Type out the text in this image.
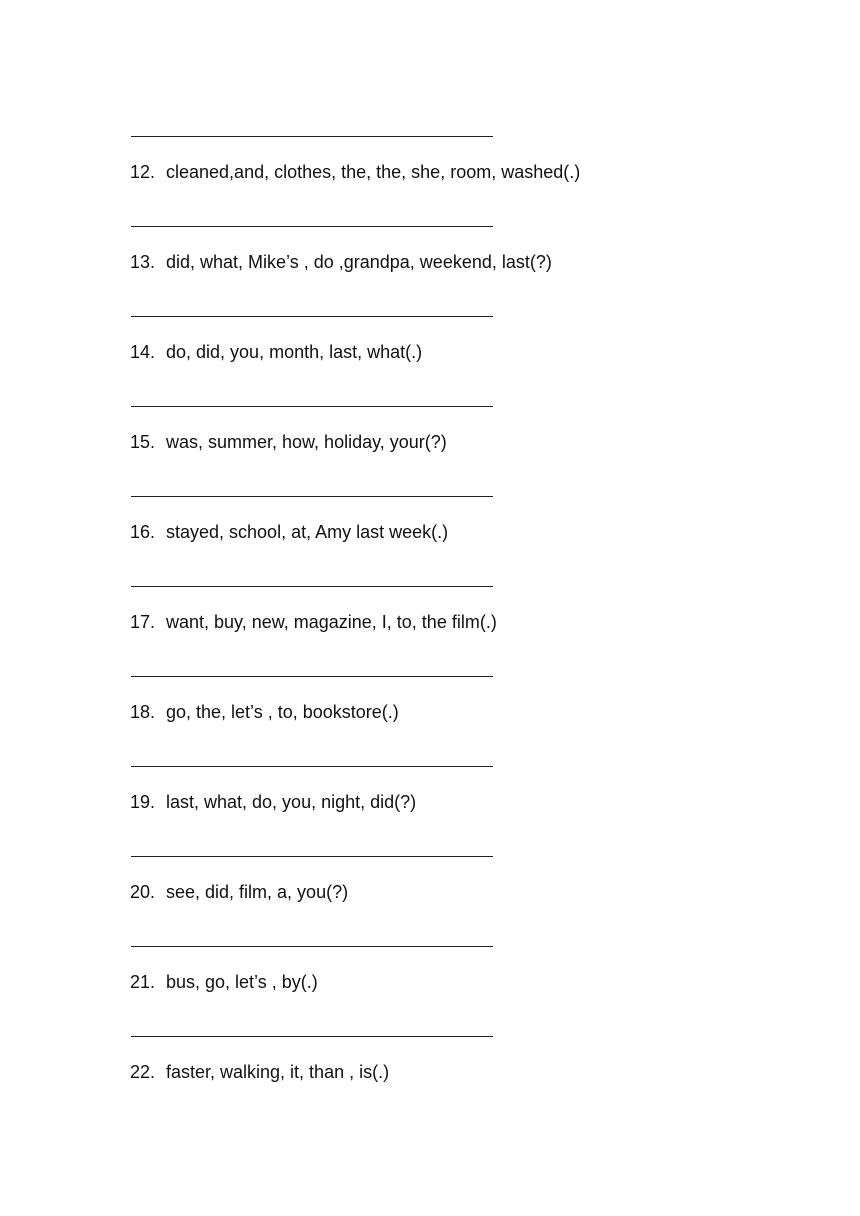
12. cleaned,and, clothes, the, the, she, room, washed(.)
13. did, what, Mike’s , do ,grandpa, weekend, last(?)
14. do, did, you, month, last, what(.)
15. was, summer, how, holiday, your(?)
16. stayed, school, at, Amy last week(.)
17. want, buy, new, magazine, I, to, the film(.)
18. go, the, let’s , to, bookstore(.)
19. last, what, do, you, night, did(?)
20. see, did, film, a, you(?)
21. bus, go, let’s , by(.)
22. faster, walking, it, than , is(.)
